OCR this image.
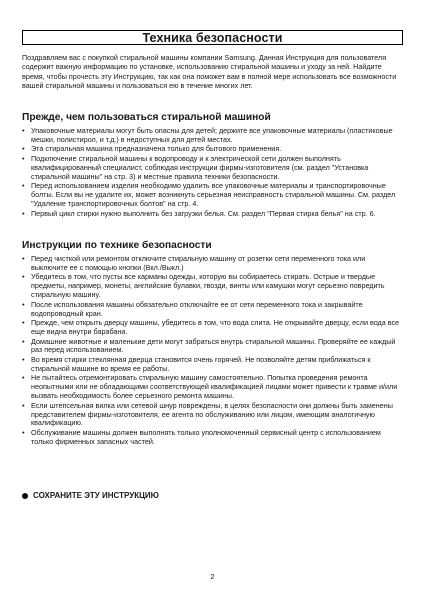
Техника безопасности
Поздравляем вас с покупкой стиральной машины компании Samsung. Данная Инструкция для пользователя содержит важную информацию по установке, использованию стиральной машины и уходу за ней. Найдите время, чтобы прочесть эту Инструкцию, так как она поможет вам в полной мере использовать все возможности вашей стиральной машины и пользоваться ею в течение многих лет.
Прежде, чем пользоваться стиральной машиной
• Упаковочные материалы могут быть опасны для детей; держите все упаковочные материалы (пластиковые мешки, полистирол, и т.д.) в недоступных для детей местах.
• Эта стиральная машина предназначена только для бытового применения.
• Подключение стиральной машины к водопроводу и к электрической сети должен выполнять квалифицированный специалист, соблюдая инструкции фирмы-изготовителя (см. раздел "Установка стиральной машины" на стр. 3) и местные правила техники безопасности.
• Перед использованием изделия необходимо удалить все упаковочные материалы и транспортировочные болты. Если вы не удалите их, может возникнуть серьезная неисправность стиральной машины. См. раздел "Удаление транспортировочных болтов" на стр. 4.
• Первый цикл стирки нужно выполнить без загрузки белья. См. раздел "Первая стирка белья" на стр. 6.
Инструкции по технике безопасности
• Перед чисткой или ремонтом отключите стиральную машину от розетки сети переменного тока или выключите ее с помощью кнопки (Вкл./Выкл.)
• Убедитесь в том, что пусты все карманы одежды, которую вы собираетесь стирать. Острые и твердые предметы, например, монеты, английские булавки, гвозди, винты или камушки могут серьезно повредить стиральную машину.
• После использования машины обязательно отключайте ее от сети переменного тока и закрывайте водопроводный кран.
• Прежде, чем открыть дверцу машины, убедитесь в том, что вода слита. Не открывайте дверцу, если вода все еще видна внутри барабана.
• Домашние животные и маленькие дети могут забраться внутрь стиральной машины. Проверяйте ее каждый раз перед использованием.
• Во время стирки стеклянная дверца становится очень горячей. Не позволяйте детям приближаться к стиральной машине во время ее работы.
• Не пытайтесь отремонтировать стиральную машину самостоятельно. Попытка проведения ремонта неопытными или не обладающими соответствующей квалификацией лицами может привести к травме и/или вызвать необходимость более серьезного ремонта машины.
• Если штепсельная вилка или сетевой шнур повреждены, в целях безопасности они должны быть заменены представителем фирмы-изготовителя, ее агента по обслуживанию или лицом, имеющим аналогичную квалификацию.
• Обслуживание машины должен выполнять только уполномоченный сервисный центр с использованием только фирменных запасных частей.
СОХРАНИТЕ ЭТУ ИНСТРУКЦИЮ
2
